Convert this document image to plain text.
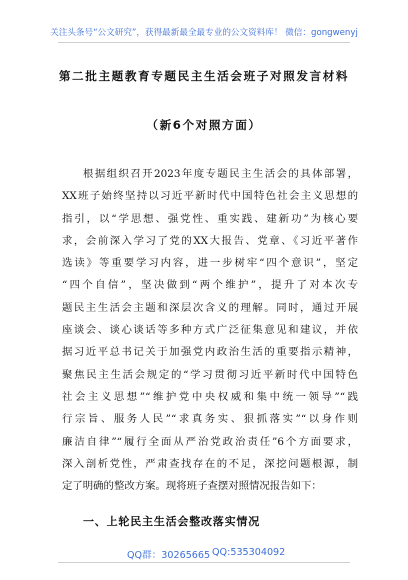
关注头条号“公文研究”，获得最新最全最专业的公文资料库！ 微信：gongwenyj
第二批主题教育专题民主生活会班子对照发言材料
（新6个对照方面）
根据组织召开2023年度专题民主生活会的具体部署，
XX班子始终坚持以习近平新时代中国特色社会主义思想的
指引，以“学思想、强党性、重实践、建新功”为核心要
求，会前深入学习了党的XX大报告、党章、《习近平著作
选读》等重要学习内容，进一步树牢“四个意识”，坚定
“四个自信”，坚决做到“两个维护”，提升了对本次专
题民主生活会主题和深层次含义的理解。同时，通过开展
座谈会、谈心谈话等多种方式广泛征集意见和建议，并依
据习近平总书记关于加强党内政治生活的重要指示精神，
聚焦民主生活会规定的“学习贯彻习近平新时代中国特色
社会主义思想”“维护党中央权威和集中统一领导”“践
行宗旨、服务人民”“求真务实、狠抓落实”“以身作则
廉洁自律”“履行全面从严治党政治责任”6个方面要求，
深入剖析党性，严肃查找存在的不足，深挖问题根源，制
定了明确的整改方案。现将班子查摆对照情况报告如下：
一、上轮民主生活会整改落实情况
QQ群：30265665 QQ:535304092
